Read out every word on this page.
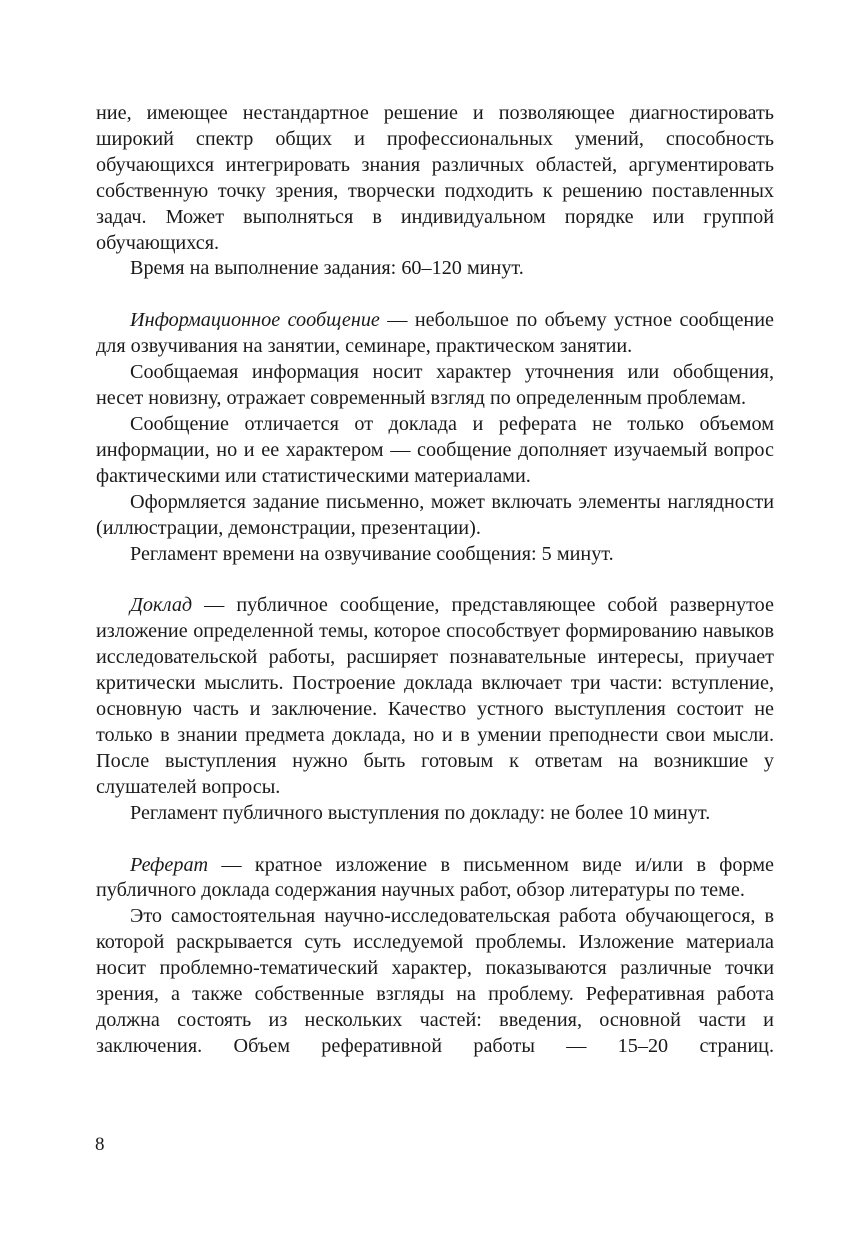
ние, имеющее нестандартное решение и позволяющее диагностировать широкий спектр общих и профессиональных умений, способность обучающихся интегрировать знания различных областей, аргументировать собственную точку зрения, творчески подходить к решению поставленных задач. Может выполняться в индивидуальном порядке или группой обучающихся.

Время на выполнение задания: 60–120 минут.

Информационное сообщение — небольшое по объему устное сообщение для озвучивания на занятии, семинаре, практическом занятии.

Сообщаемая информация носит характер уточнения или обобщения, несет новизну, отражает современный взгляд по определенным проблемам.

Сообщение отличается от доклада и реферата не только объемом информации, но и ее характером — сообщение дополняет изучаемый вопрос фактическими или статистическими материалами.

Оформляется задание письменно, может включать элементы наглядности (иллюстрации, демонстрации, презентации).

Регламент времени на озвучивание сообщения: 5 минут.

Доклад — публичное сообщение, представляющее собой развернутое изложение определенной темы, которое способствует формированию навыков исследовательской работы, расширяет познавательные интересы, приучает критически мыслить. Построение доклада включает три части: вступление, основную часть и заключение. Качество устного выступления состоит не только в знании предмета доклада, но и в умении преподнести свои мысли. После выступления нужно быть готовым к ответам на возникшие у слушателей вопросы.

Регламент публичного выступления по докладу: не более 10 минут.

Реферат — кратное изложение в письменном виде и/или в форме публичного доклада содержания научных работ, обзор литературы по теме.

Это самостоятельная научно-исследовательская работа обучающегося, в которой раскрывается суть исследуемой проблемы. Изложение материала носит проблемно-тематический характер, показываются различные точки зрения, а также собственные взгляды на проблему. Реферативная работа должна состоять из нескольких частей: введения, основной части и заключения. Объем реферативной работы — 15–20 страниц.

8
